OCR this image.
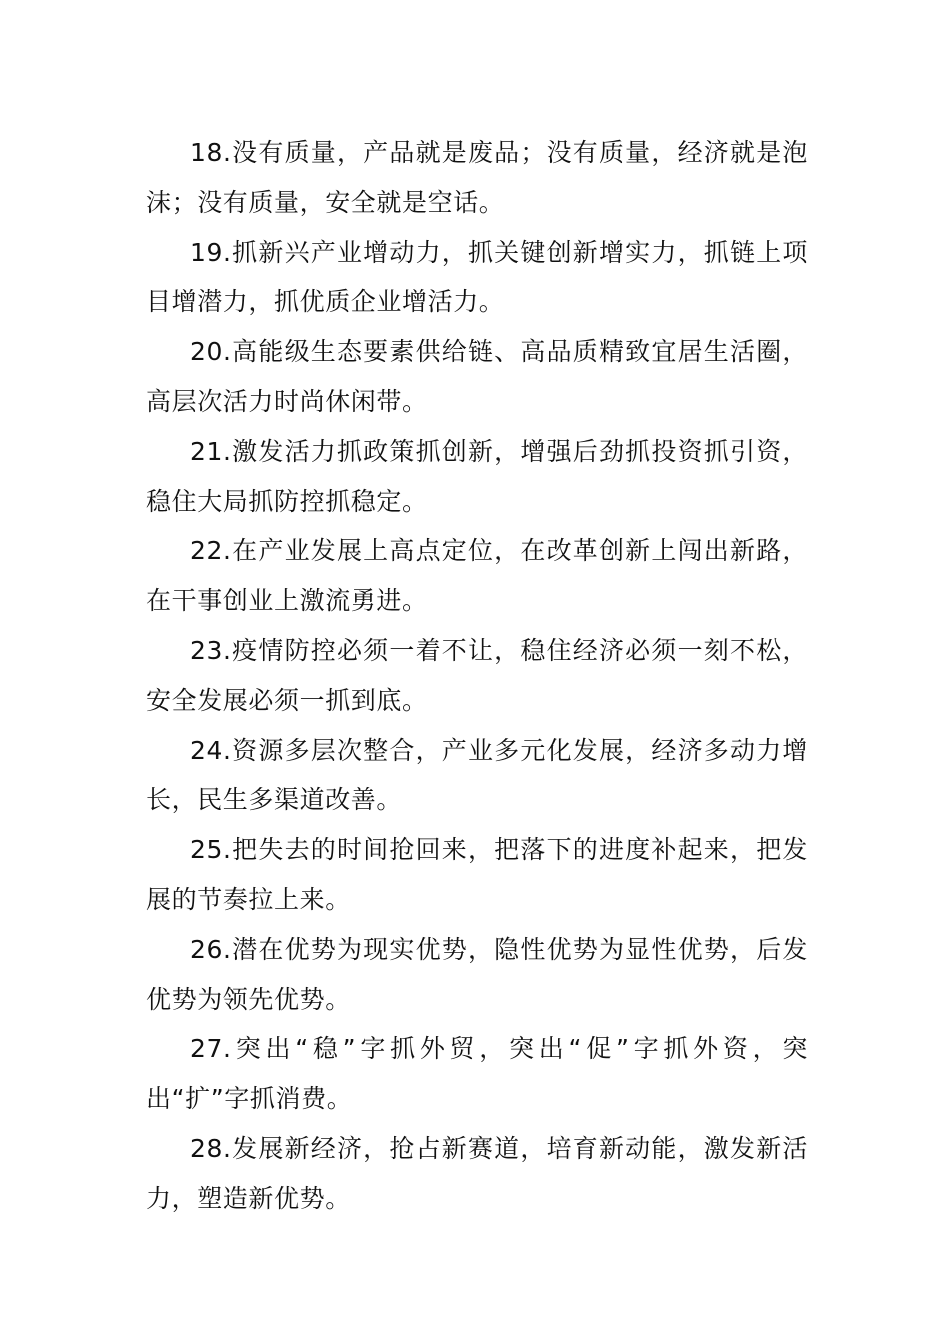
18.没有质量，产品就是废品；没有质量，经济就是泡沫；没有质量，安全就是空话。

19.抓新兴产业增动力，抓关键创新增实力，抓链上项目增潜力，抓优质企业增活力。

20.高能级生态要素供给链、高品质精致宜居生活圈，高层次活力时尚休闲带。

21.激发活力抓政策抓创新，增强后劲抓投资抓引资，稳住大局抓防控抓稳定。

22.在产业发展上高点定位，在改革创新上闯出新路，在干事创业上激流勇进。

23.疫情防控必须一着不让，稳住经济必须一刻不松，安全发展必须一抓到底。

24.资源多层次整合，产业多元化发展，经济多动力增长，民生多渠道改善。

25.把失去的时间抢回来，把落下的进度补起来，把发展的节奏拉上来。

26.潜在优势为现实优势，隐性优势为显性优势，后发优势为领先优势。

27.突出“稳”字抓外贸，突出“促”字抓外资，突出“扩”字抓消费。

28.发展新经济，抢占新赛道，培育新动能，激发新活力，塑造新优势。
